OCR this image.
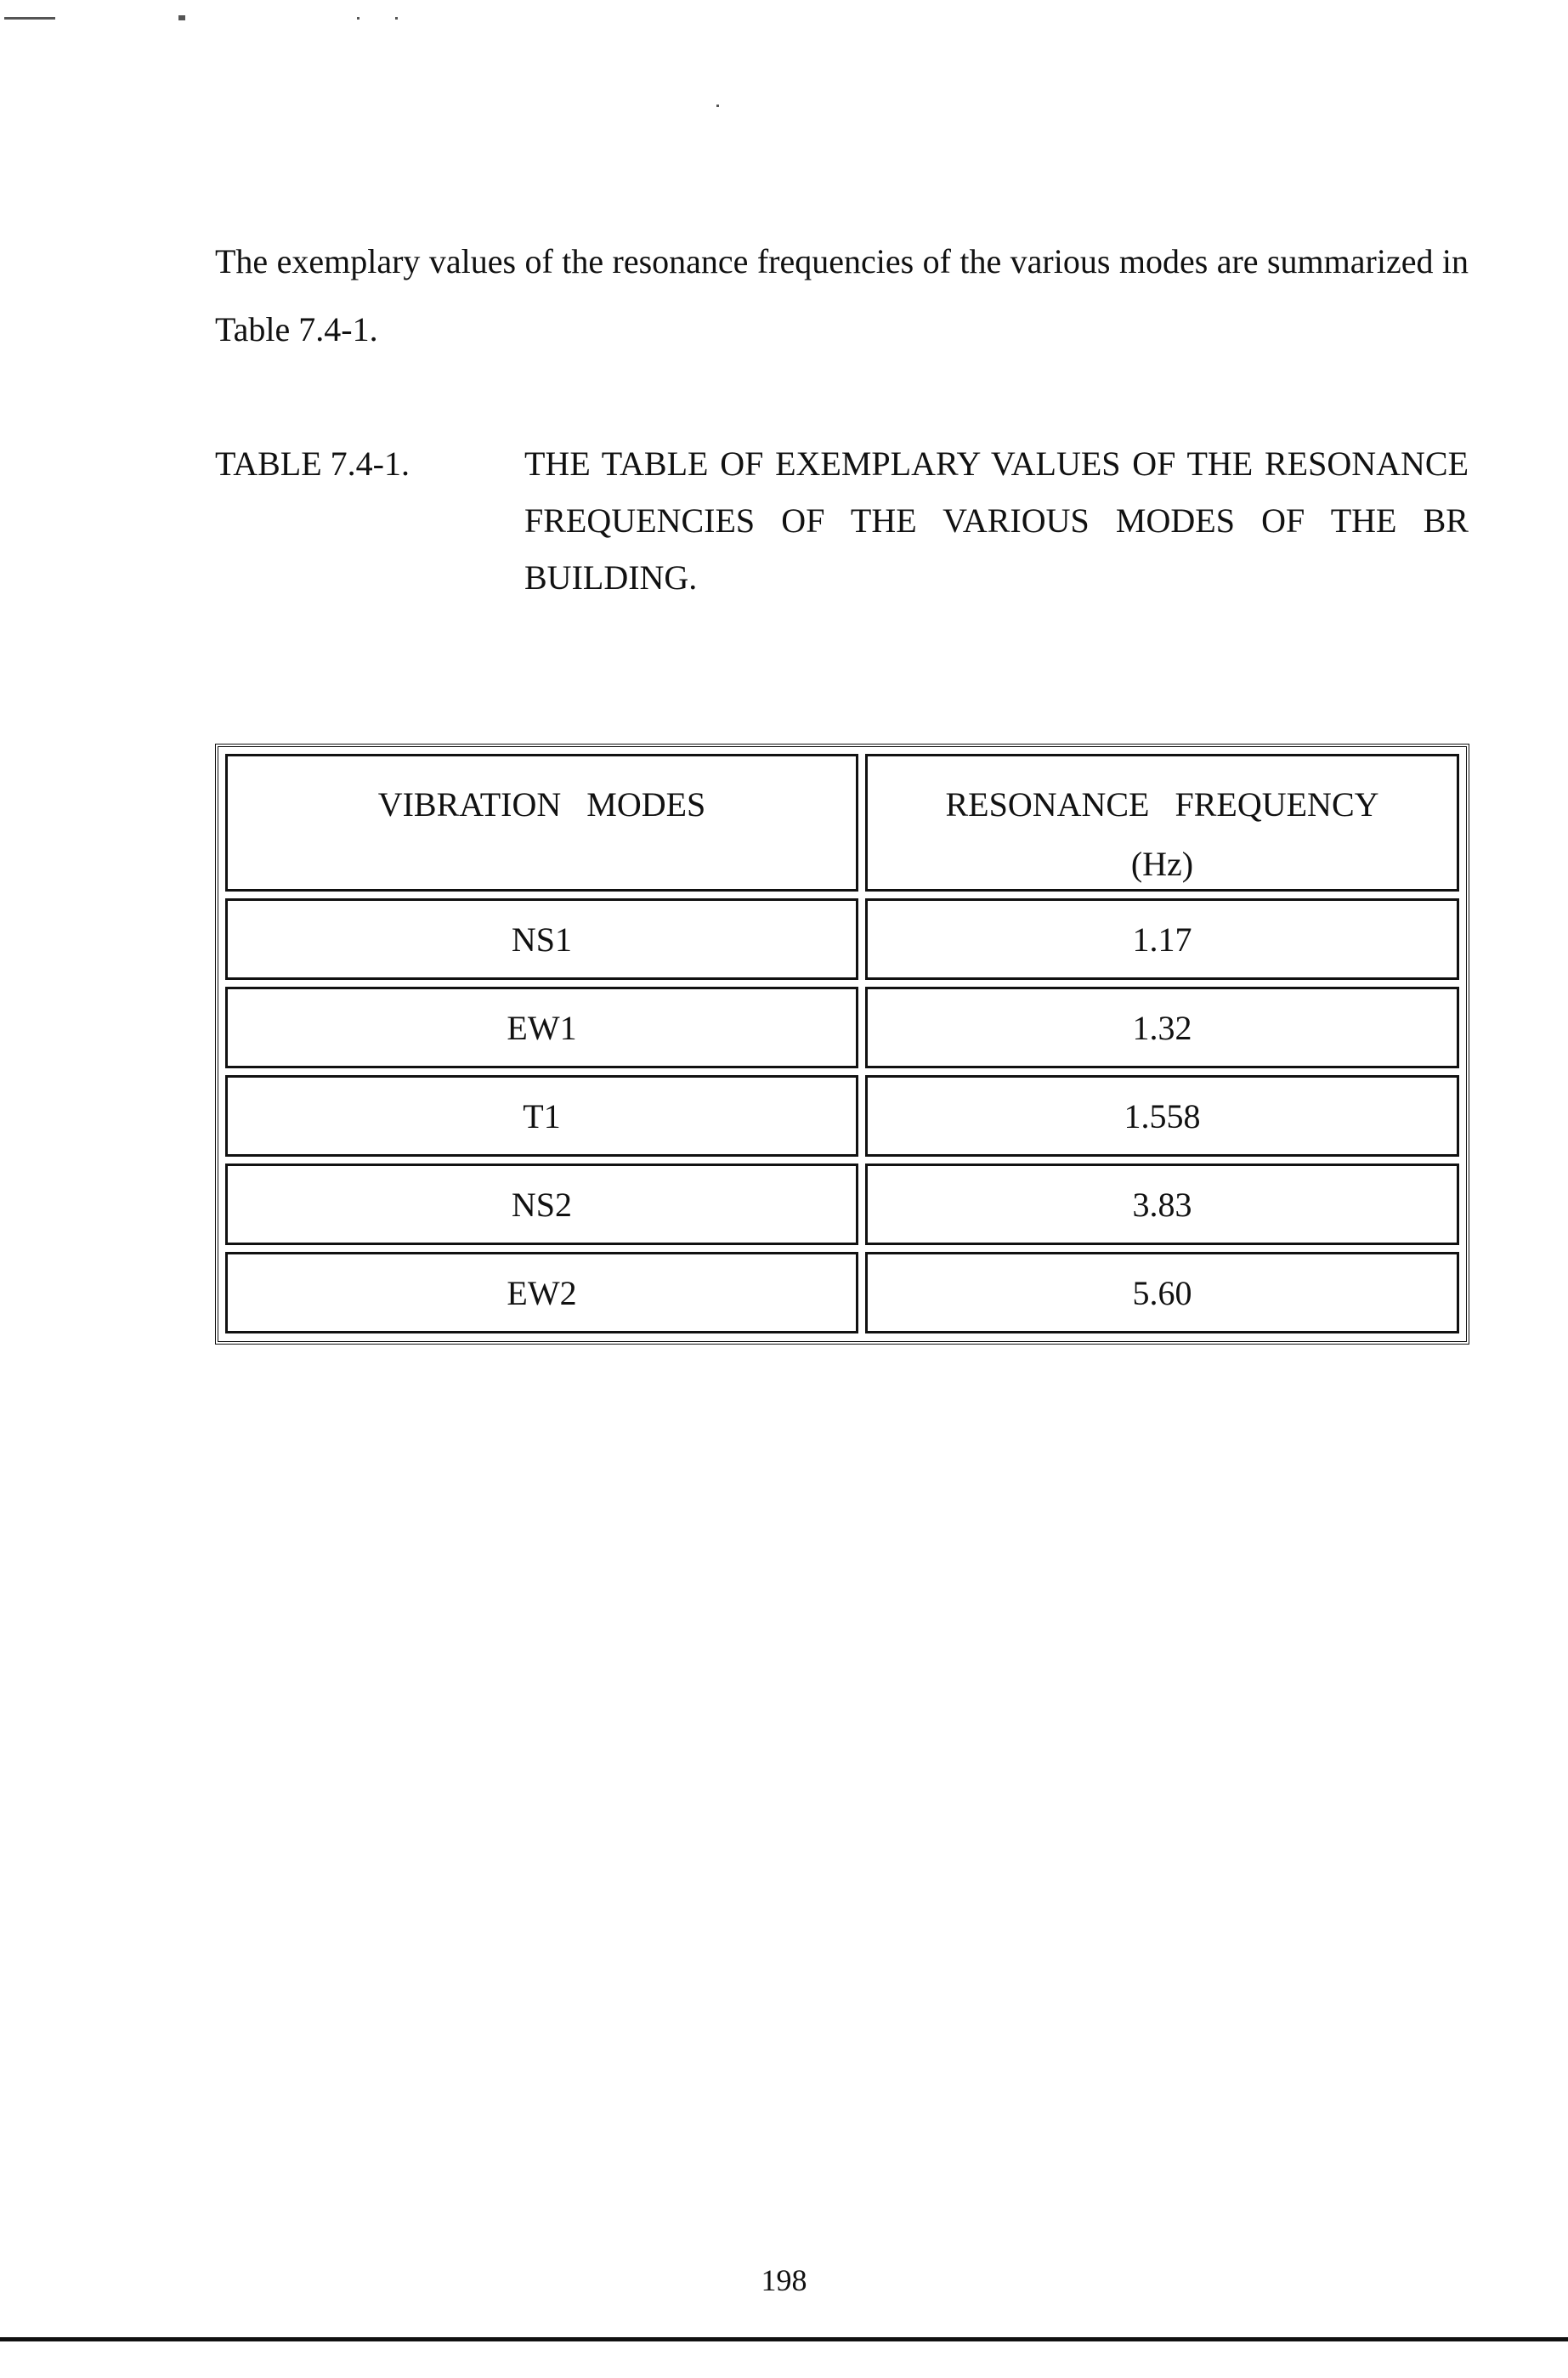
The exemplary values of the resonance frequencies of the various modes are summarized in Table 7.4-1.

TABLE 7.4-1.	THE TABLE OF EXEMPLARY VALUES OF THE RESONANCE FREQUENCIES OF THE VARIOUS MODES OF THE BR BUILDING.
VIBRATION   MODES	RESONANCE   FREQUENCY
(Hz)
NS1	1.17
EW1	1.32
T1	1.558
NS2	3.83
EW2	5.60
198
